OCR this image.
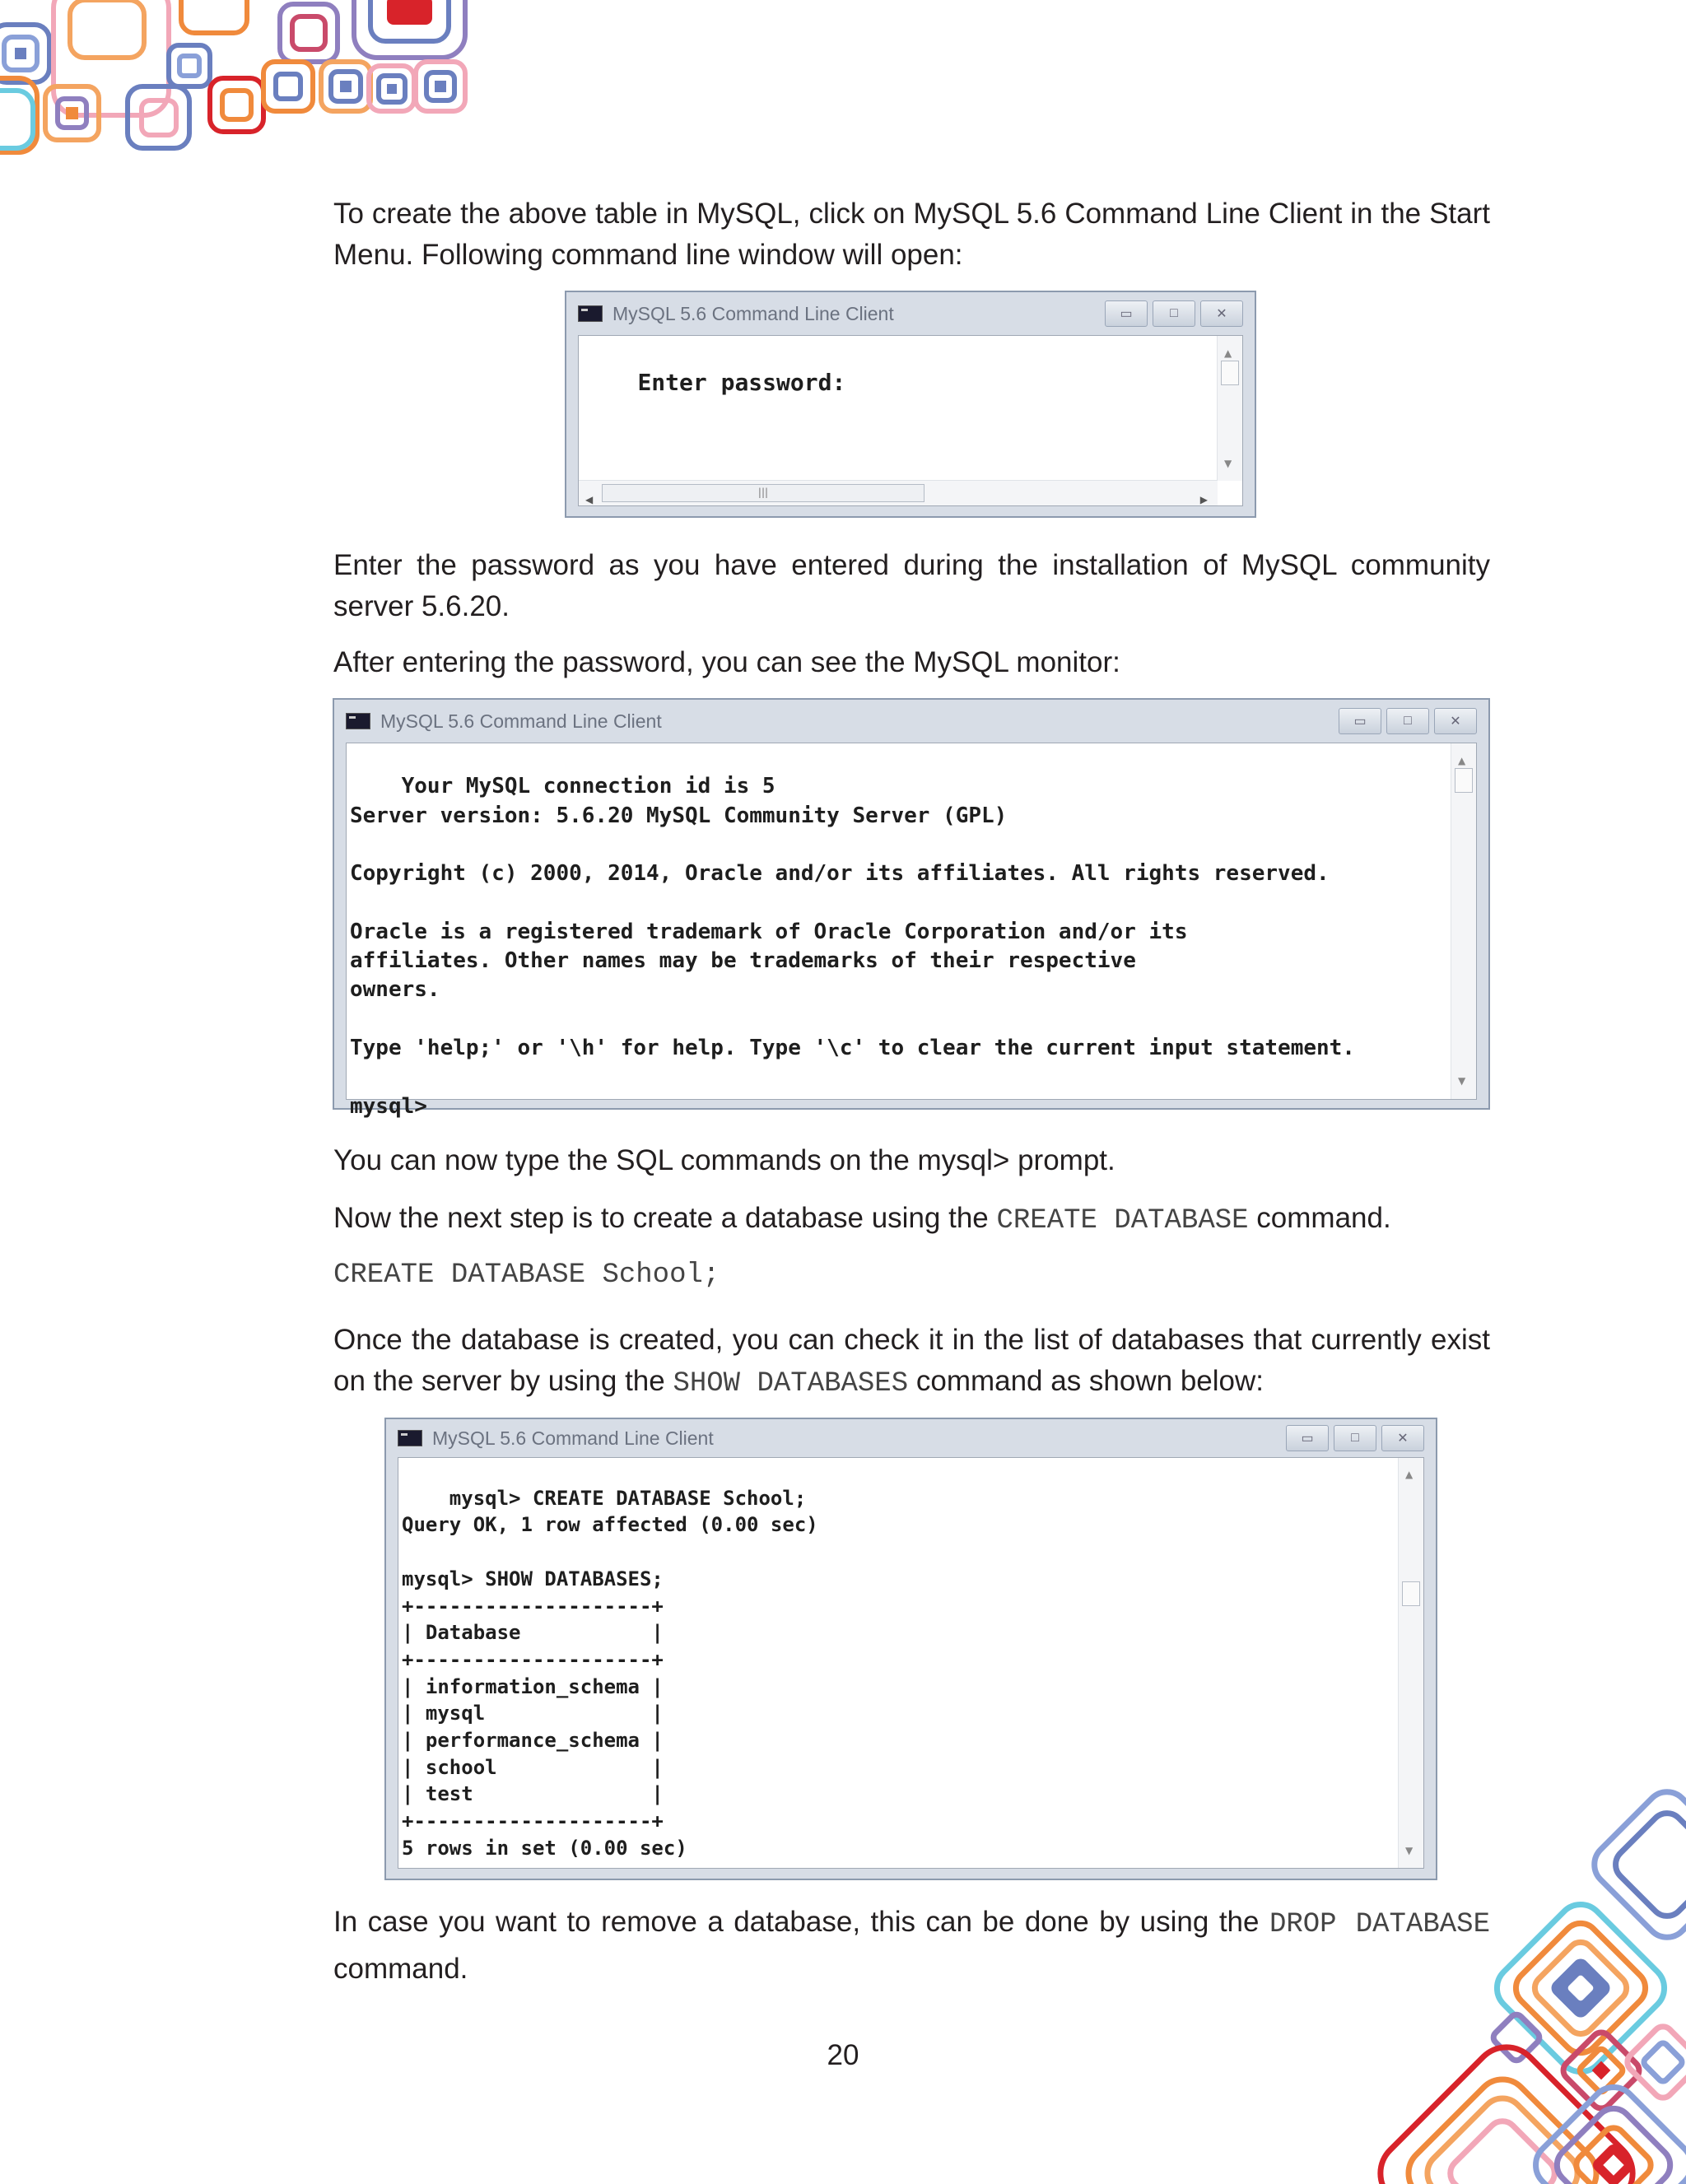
To create the above table in MySQL, click on MySQL 5.6 Command Line Client in the Start Menu. Following command line window will open:
MySQL 5.6 Command Line Client	▭	□	✕

Enter password:

▲

▼

◀

|||

▶

Enter the password as you have entered during the installation of MySQL community server 5.6.20.
After entering the password, you can see the MySQL monitor:
MySQL 5.6 Command Line Client	▭	□	✕

Your MySQL connection id is 5
Server version: 5.6.20 MySQL Community Server (GPL)

Copyright (c) 2000, 2014, Oracle and/or its affiliates. All rights reserved.

Oracle is a registered trademark of Oracle Corporation and/or its
affiliates. Other names may be trademarks of their respective
owners.

Type 'help;' or '\h' for help. Type '\c' to clear the current input statement.

mysql>

▲

▼

You can now type the SQL commands on the mysql> prompt.
Now the next step is to create a database using the CREATE DATABASE command.
CREATE DATABASE School;
Once the database is created, you can check it in the list of databases that currently exist on the server by using the SHOW DATABASES command as shown below:
MySQL 5.6 Command Line Client	▭	□	✕

mysql> CREATE DATABASE School;
Query OK, 1 row affected (0.00 sec)

mysql> SHOW DATABASES;
+--------------------+
| Database           |
+--------------------+
| information_schema |
| mysql              |
| performance_schema |
| school             |
| test               |
+--------------------+
5 rows in set (0.00 sec)

▲

▼

In case you want to remove a database, this can be done by using the DROP DATABASE command.
20
